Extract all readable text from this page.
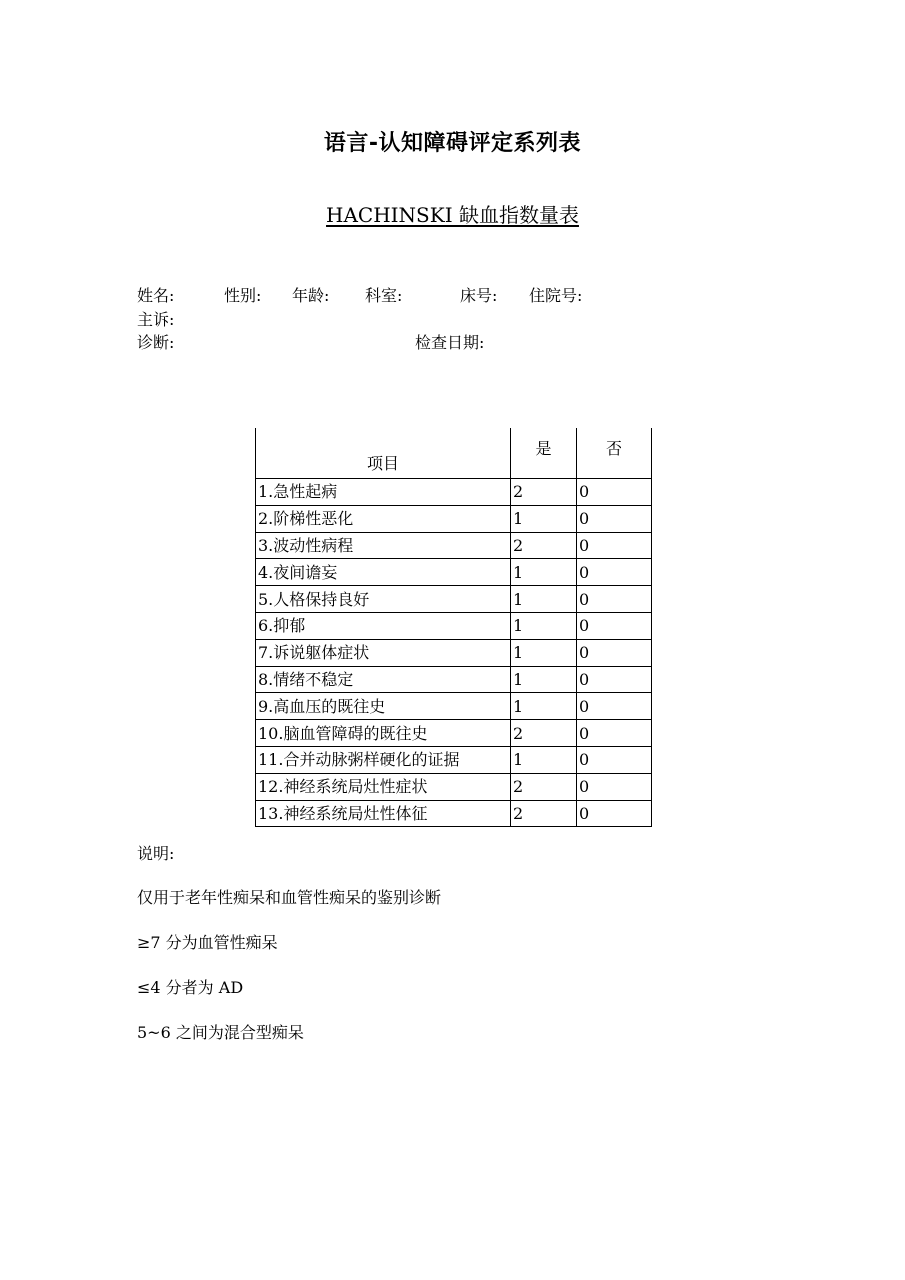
语言-认知障碍评定系列表
HACHINSKI 缺血指数量表
姓名:	性别: 年龄: 科室:	床号: 住院号:
主诉:
诊断:	检查日期:
项目	是	否
1.急性起病	2	0
2.阶梯性恶化	1	0
3.波动性病程	2	0
4.夜间谵妄	1	0
5.人格保持良好	1	0
6.抑郁	1	0
7.诉说躯体症状	1	0
8.情绪不稳定	1	0
9.高血压的既往史	1	0
10.脑血管障碍的既往史	2	0
11.合并动脉粥样硬化的证据	1	0
12.神经系统局灶性症状	2	0
13.神经系统局灶性体征	2	0
说明:
仅用于老年性痴呆和血管性痴呆的鉴别诊断
≥7 分为血管性痴呆
≤4 分者为 AD
5~6 之间为混合型痴呆
